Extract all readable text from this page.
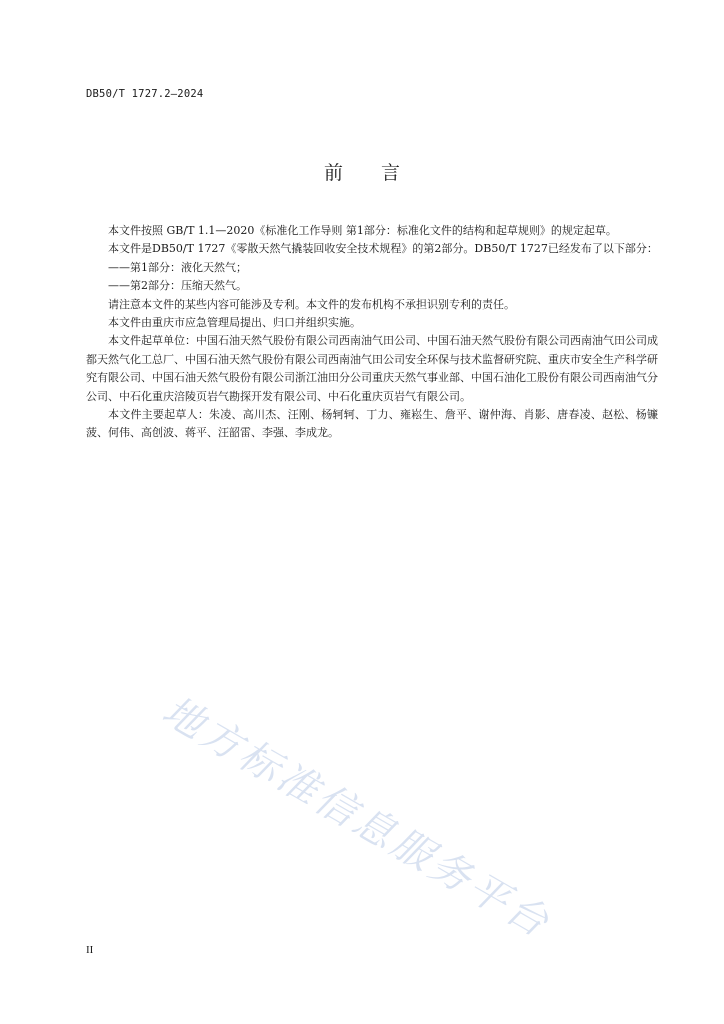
DB50/T 1727.2—2024
前 言

本文件按照 GB/T 1.1—2020《标准化工作导则 第1部分：标准化文件的结构和起草规则》的规定起草。

本文件是DB50/T 1727《零散天然气撬装回收安全技术规程》的第2部分。DB50/T 1727已经发布了以下部分：

——第1部分：液化天然气；

——第2部分：压缩天然气。

请注意本文件的某些内容可能涉及专利。本文件的发布机构不承担识别专利的责任。

本文件由重庆市应急管理局提出、归口并组织实施。

本文件起草单位：中国石油天然气股份有限公司西南油气田公司、中国石油天然气股份有限公司西南油气田公司成都天然气化工总厂、中国石油天然气股份有限公司西南油气田公司安全环保与技术监督研究院、重庆市安全生产科学研究有限公司、中国石油天然气股份有限公司浙江油田分公司重庆天然气事业部、中国石油化工股份有限公司西南油气分公司、中石化重庆涪陵页岩气勘探开发有限公司、中石化重庆页岩气有限公司。

本文件主要起草人：朱凌、高川杰、汪刚、杨轲轲、丁力、雍崧生、詹平、谢仲海、肖影、唐春凌、赵松、杨镰菠、何伟、高创波、蒋平、汪韶雷、李强、李成龙。

地方标准信息服务平台
II
